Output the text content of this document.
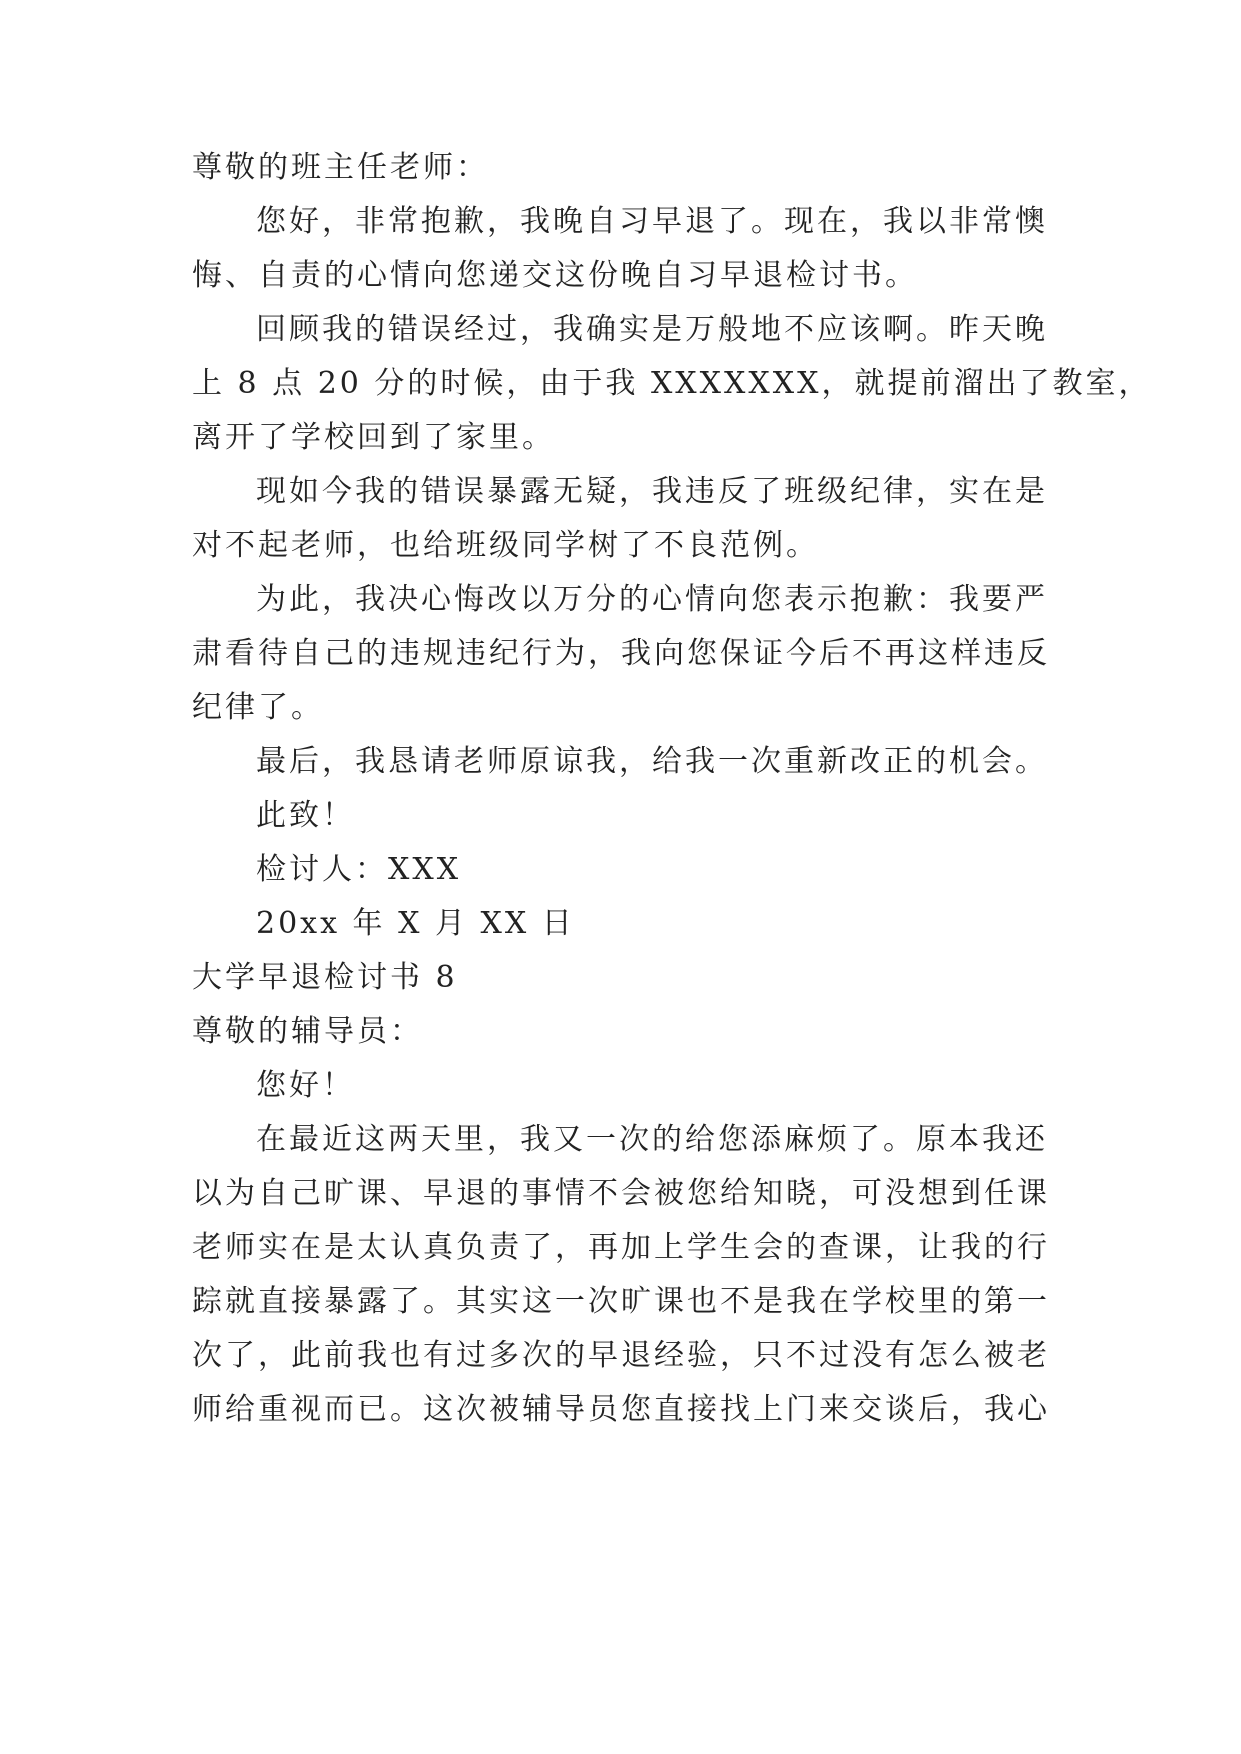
尊敬的班主任老师：
您好，非常抱歉，我晚自习早退了。现在，我以非常懊
悔、自责的心情向您递交这份晚自习早退检讨书。
回顾我的错误经过，我确实是万般地不应该啊。昨天晚
上 8 点 20 分的时候，由于我 XXXXXXX，就提前溜出了教室，
离开了学校回到了家里。
现如今我的错误暴露无疑，我违反了班级纪律，实在是
对不起老师，也给班级同学树了不良范例。
为此，我决心悔改以万分的心情向您表示抱歉：我要严
肃看待自己的违规违纪行为，我向您保证今后不再这样违反
纪律了。
最后，我恳请老师原谅我，给我一次重新改正的机会。
此致！
检讨人：XXX
20xx 年 X 月 XX 日
大学早退检讨书 8
尊敬的辅导员：
您好！
在最近这两天里，我又一次的给您添麻烦了。原本我还
以为自己旷课、早退的事情不会被您给知晓，可没想到任课
老师实在是太认真负责了，再加上学生会的查课，让我的行
踪就直接暴露了。其实这一次旷课也不是我在学校里的第一
次了，此前我也有过多次的早退经验，只不过没有怎么被老
师给重视而已。这次被辅导员您直接找上门来交谈后，我心
